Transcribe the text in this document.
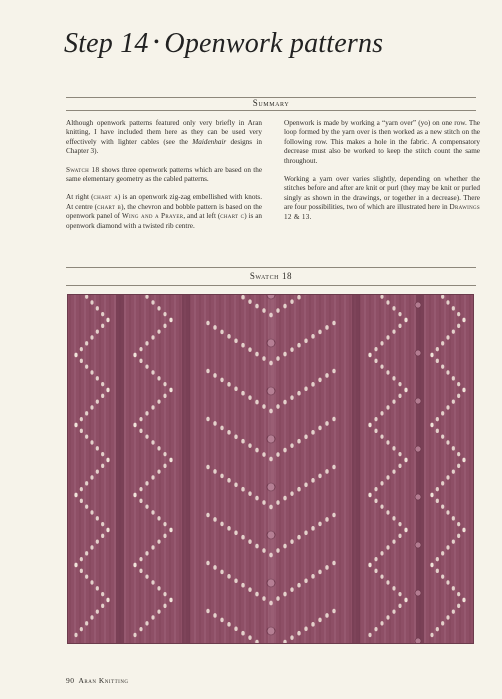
Step 14 • Openwork patterns
Summary

Although openwork patterns featured only very briefly in Aran knitting, I have included them here as they can be used very effectively with lighter cables (see the Maidenhair designs in Chapter 3).

Swatch 18 shows three openwork patterns which are based on the same elementary geometry as the cabled patterns.

At right (chart a) is an openwork zig-zag embellished with knots. At centre (chart b), the chevron and bobble pattern is based on the openwork panel of Wing and a Prayer, and at left (chart c) is an openwork diamond with a twisted rib centre.

Openwork is made by working a “yarn over” (yo) on one row. The loop formed by the yarn over is then worked as a new stitch on the following row. This makes a hole in the fabric. A compensatory decrease must also be worked to keep the stitch count the same throughout.

Working a yarn over varies slightly, depending on whether the stitches before and after are knit or purl (they may be knit or purled singly as shown in the drawings, or together in a decrease). There are four possibilities, two of which are illustrated here in Drawings 12 & 13.

Swatch 18
90 Aran Knitting
